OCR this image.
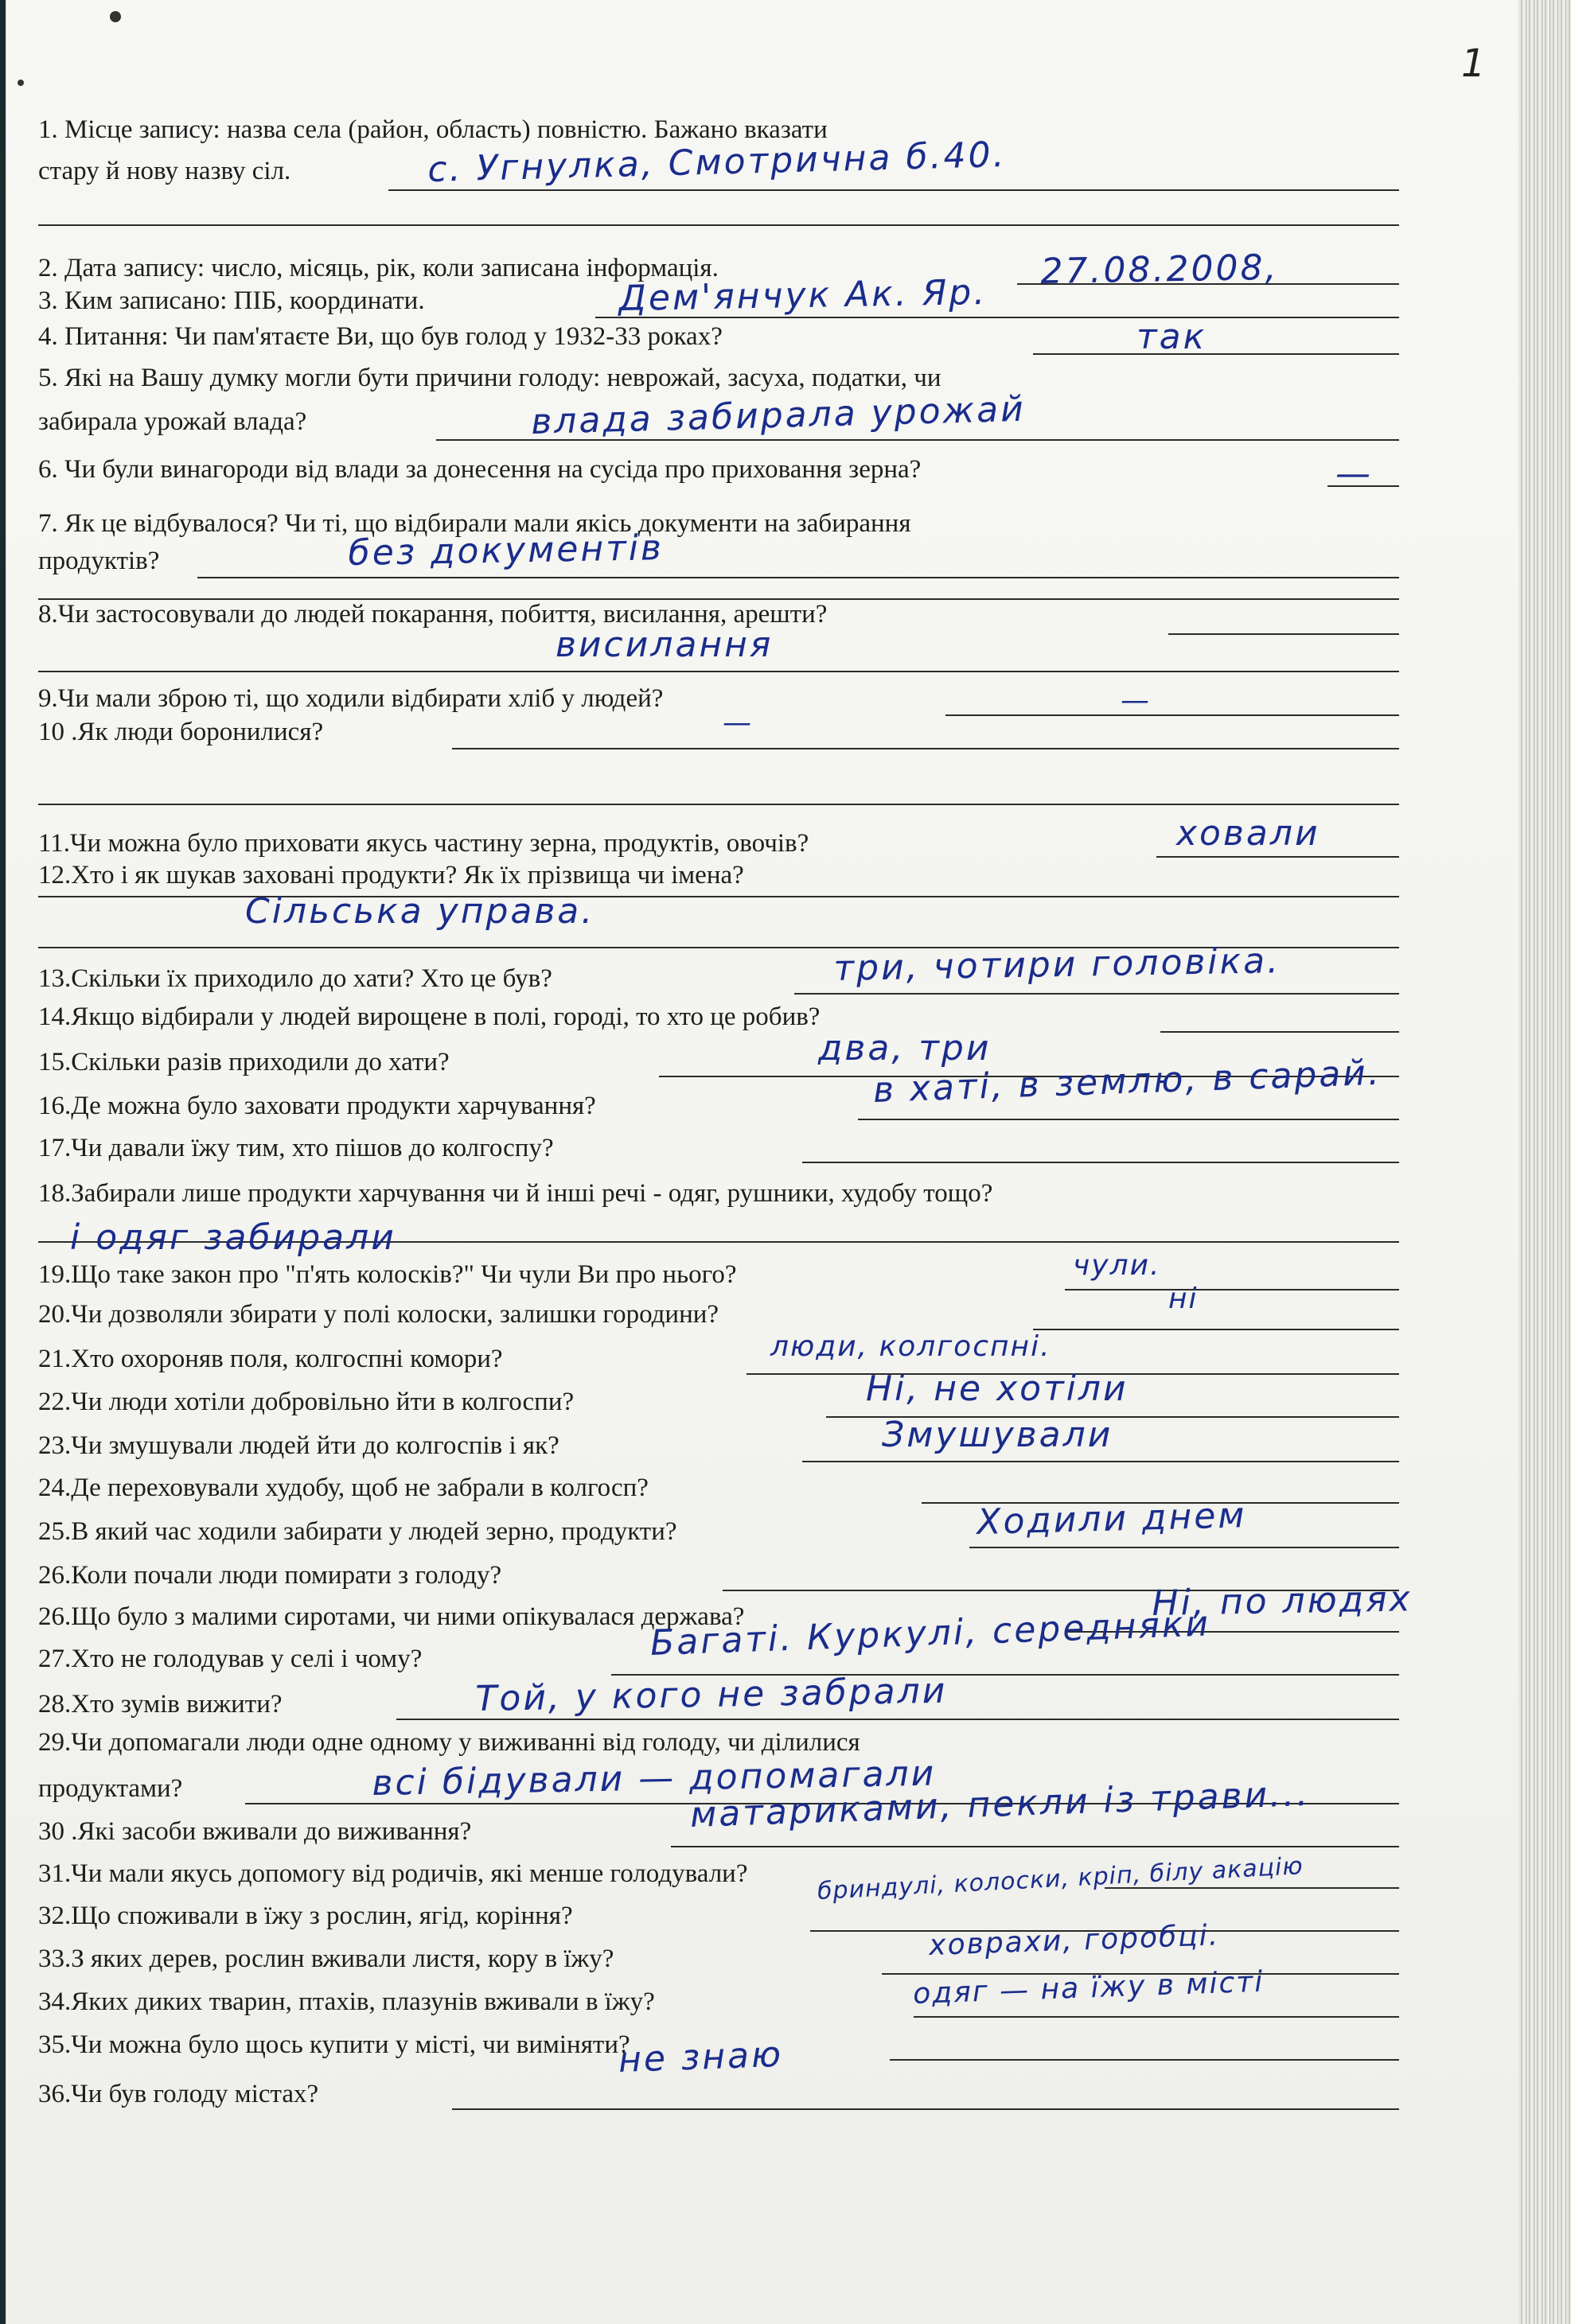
1
1. Місце запису: назва села (район, область) повністю. Бажано вказати
стару й нову назву сіл.
2. Дата запису: число, місяць, рік, коли записана інформація.
3. Ким записано: ПІБ, координати.
4. Питання: Чи пам'ятаєте Ви, що був голод у 1932-33 роках?
5. Які на Вашу думку могли бути причини голоду: неврожай, засуха, податки, чи
забирала урожай влада?
6. Чи були винагороди від влади за донесення на сусіда про приховання зерна?
7. Як це відбувалося? Чи ті, що відбирали мали якісь документи на забирання
продуктів?
8.Чи застосовували до людей покарання, побиття, висилання, арешти?
9.Чи мали зброю ті, що ходили відбирати хліб у людей?
10 .Як люди боронилися?
11.Чи можна було приховати якусь частину зерна, продуктів, овочів?
12.Хто і як шукав заховані продукти? Як їх прізвища чи імена?
13.Скільки їх приходило до хати? Хто це був?
14.Якщо відбирали у людей вирощене в полі, городі, то хто це робив?
15.Скільки разів приходили до хати?
16.Де можна було заховати продукти харчування?
17.Чи давали їжу тим, хто пішов до колгоспу?
18.Забирали лише продукти харчування чи й інші речі - одяг, рушники, худобу тощо?
19.Що таке закон про "п'ять колосків?" Чи чули Ви про нього?
20.Чи дозволяли збирати у полі колоски, залишки городини?
21.Хто охороняв поля, колгоспні комори?
22.Чи люди хотіли добровільно йти в колгоспи?
23.Чи змушували людей йти до колгоспів і як?
24.Де переховували худобу, щоб не забрали в колгосп?
25.В який час ходили забирати у людей зерно, продукти?
26.Коли почали люди помирати з голоду?
26.Що було з малими сиротами, чи ними опікувалася держава?
27.Хто не голодував у селі і чому?
28.Хто зумів вижити?
29.Чи допомагали люди одне одному у виживанні від голоду, чи ділилися
продуктами?
30 .Які засоби вживали до виживання?
31.Чи мали якусь допомогу від родичів, які менше голодували?
32.Що споживали в їжу з рослин, ягід, коріння?
33.З яких дерев, рослин вживали листя, кору в їжу?
34.Яких диких тварин, птахів, плазунів вживали в їжу?
35.Чи можна було щось купити у місті, чи виміняти?
36.Чи був голоду містах?
с. Угнулка, Смотрична б.40.
27.08.2008,
Дем'янчук Ак. Яр.
так
влада забирала урожай
—
без документів
висилання
—
—
ховали
Сільська управа.
три, чотири головіка.
два, три
в хаті, в землю, в сарай.
і одяг забирали
чули.
ні
люди, колгоспні.
Ні, не хотіли
Змушували
Ходили днем
Ні, по людях
Багаті. Куркулі, середняки
Той, у кого не забрали
всі бідували — допомагали
матариками, пекли із трави...
бриндулі, колоски, кріп, білу акацію
ховрахи, горобці.
одяг — на їжу в місті
не знаю
